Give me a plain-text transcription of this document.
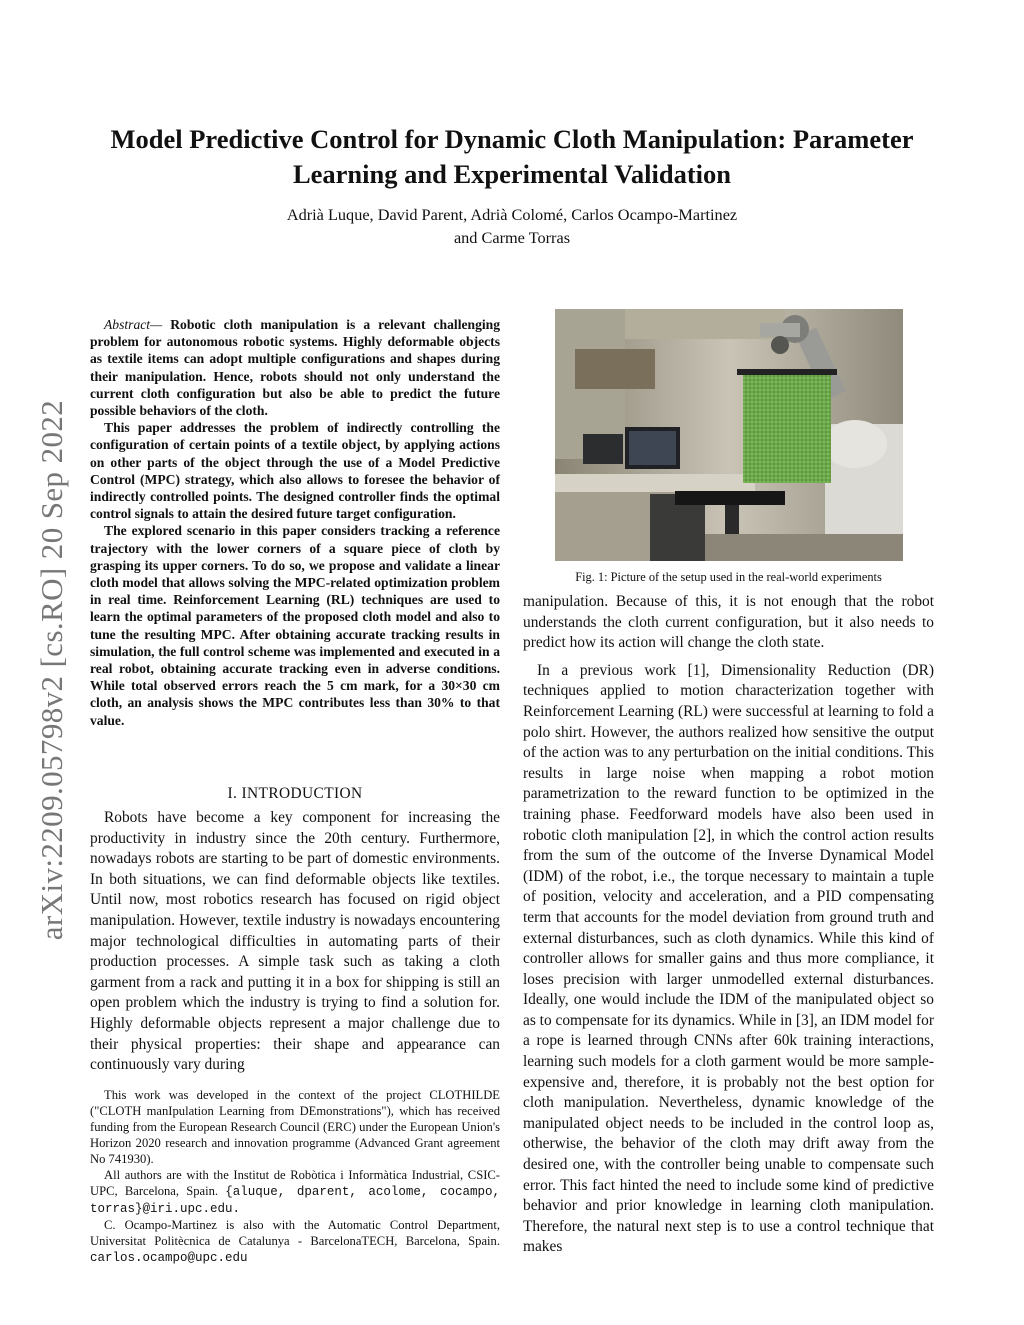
Model Predictive Control for Dynamic Cloth Manipulation: Parameter Learning and Experimental Validation
Adrià Luque, David Parent, Adrià Colomé, Carlos Ocampo-Martinez
and Carme Torras
arXiv:2209.05798v2 [cs.RO] 20 Sep 2022

Abstract— Robotic cloth manipulation is a relevant challenging problem for autonomous robotic systems. Highly deformable objects as textile items can adopt multiple configurations and shapes during their manipulation. Hence, robots should not only understand the current cloth configuration but also be able to predict the future possible behaviors of the cloth.

This paper addresses the problem of indirectly controlling the configuration of certain points of a textile object, by applying actions on other parts of the object through the use of a Model Predictive Control (MPC) strategy, which also allows to foresee the behavior of indirectly controlled points. The designed controller finds the optimal control signals to attain the desired future target configuration.

The explored scenario in this paper considers tracking a reference trajectory with the lower corners of a square piece of cloth by grasping its upper corners. To do so, we propose and validate a linear cloth model that allows solving the MPC-related optimization problem in real time. Reinforcement Learning (RL) techniques are used to learn the optimal parameters of the proposed cloth model and also to tune the resulting MPC. After obtaining accurate tracking results in simulation, the full control scheme was implemented and executed in a real robot, obtaining accurate tracking even in adverse conditions. While total observed errors reach the 5 cm mark, for a 30×30 cm cloth, an analysis shows the MPC contributes less than 30% to that value.

I. INTRODUCTION

Robots have become a key component for increasing the productivity in industry since the 20th century. Furthermore, nowadays robots are starting to be part of domestic environments. In both situations, we can find deformable objects like textiles. Until now, most robotics research has focused on rigid object manipulation. However, textile industry is nowadays encountering major technological difficulties in automating parts of their production processes. A simple task such as taking a cloth garment from a rack and putting it in a box for shipping is still an open problem which the industry is trying to find a solution for. Highly deformable objects represent a major challenge due to their physical properties: their shape and appearance can continuously vary during

This work was developed in the context of the project CLOTHILDE ("CLOTH manIpulation Learning from DEmonstrations"), which has received funding from the European Research Council (ERC) under the European Union's Horizon 2020 research and innovation programme (Advanced Grant agreement No 741930).

All authors are with the Institut de Robòtica i Informàtica Industrial, CSIC-UPC, Barcelona, Spain. {aluque, dparent, acolome, cocampo, torras}@iri.upc.edu.

C. Ocampo-Martinez is also with the Automatic Control Department, Universitat Politècnica de Catalunya - BarcelonaTECH, Barcelona, Spain. carlos.ocampo@upc.edu

Fig. 1: Picture of the setup used in the real-world experiments

manipulation. Because of this, it is not enough that the robot understands the cloth current configuration, but it also needs to predict how its action will change the cloth state.

In a previous work [1], Dimensionality Reduction (DR) techniques applied to motion characterization together with Reinforcement Learning (RL) were successful at learning to fold a polo shirt. However, the authors realized how sensitive the output of the action was to any perturbation on the initial conditions. This results in large noise when mapping a robot motion parametrization to the reward function to be optimized in the training phase. Feedforward models have also been used in robotic cloth manipulation [2], in which the control action results from the sum of the outcome of the Inverse Dynamical Model (IDM) of the robot, i.e., the torque necessary to maintain a tuple of position, velocity and acceleration, and a PID compensating term that accounts for the model deviation from ground truth and external disturbances, such as cloth dynamics. While this kind of controller allows for smaller gains and thus more compliance, it loses precision with larger unmodelled external disturbances. Ideally, one would include the IDM of the manipulated object so as to compensate for its dynamics. While in [3], an IDM model for a rope is learned through CNNs after 60k training interactions, learning such models for a cloth garment would be more sample-expensive and, therefore, it is probably not the best option for cloth manipulation. Nevertheless, dynamic knowledge of the manipulated object needs to be included in the control loop as, otherwise, the behavior of the cloth may drift away from the desired one, with the controller being unable to compensate such error. This fact hinted the need to include some kind of predictive behavior and prior knowledge in learning cloth manipulation. Therefore, the natural next step is to use a control technique that makes
